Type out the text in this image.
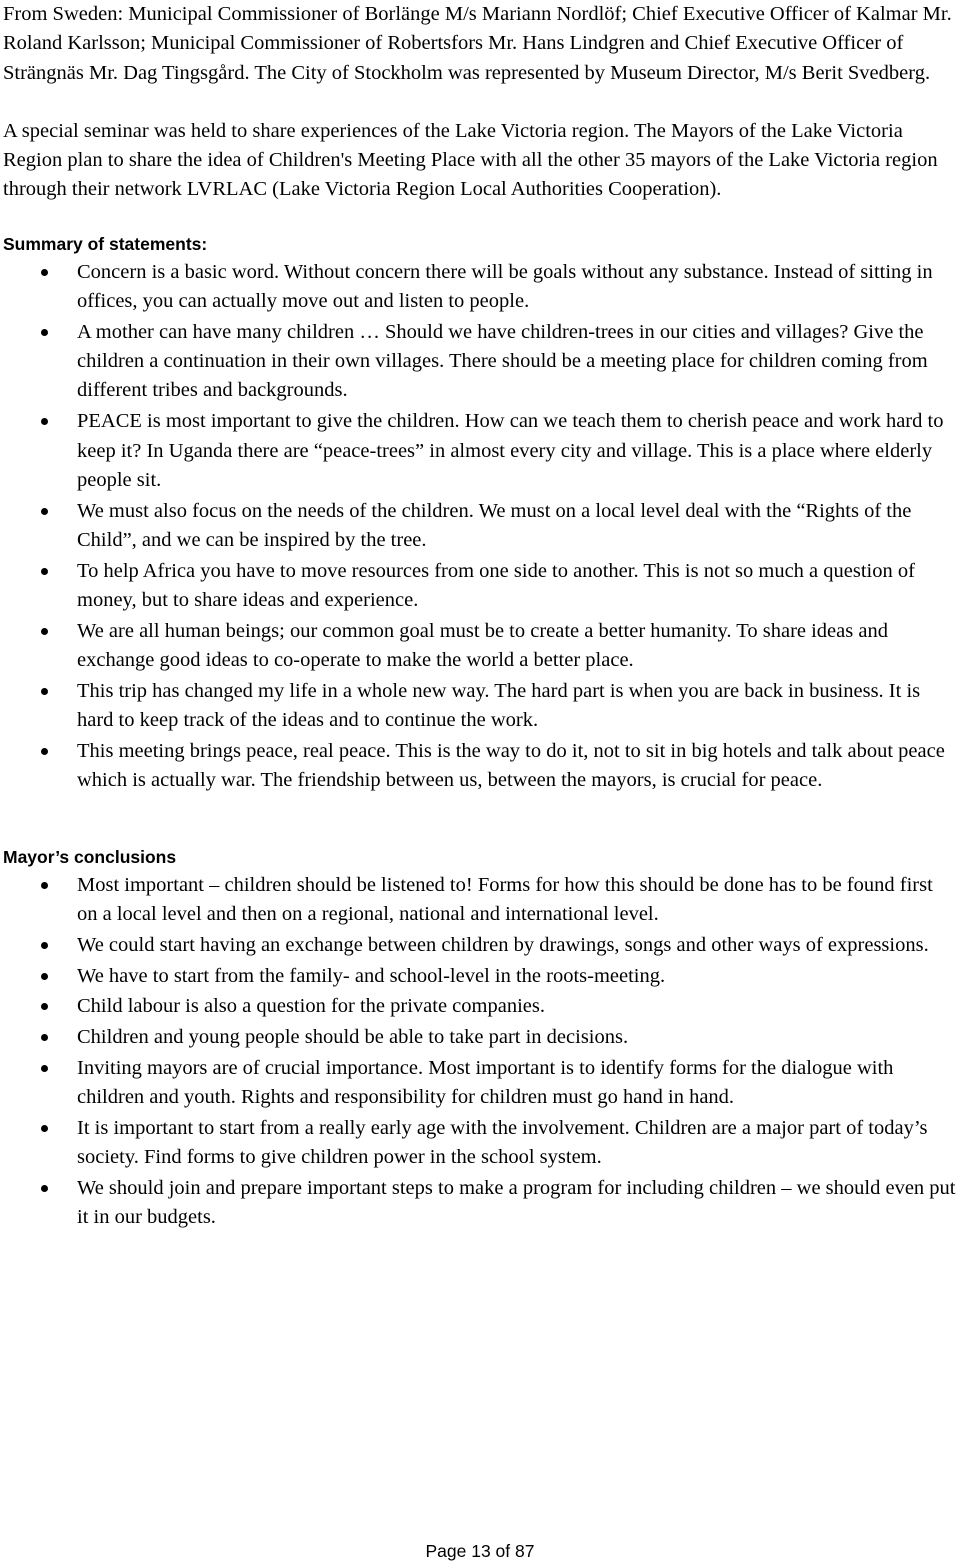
From Sweden: Municipal Commissioner of Borlänge M/s Mariann Nordlöf; Chief Executive Officer of Kalmar Mr. Roland Karlsson; Municipal Commissioner of Robertsfors Mr. Hans Lindgren and Chief Executive Officer of Strängnäs Mr. Dag Tingsgård. The City of Stockholm was represented by Museum Director, M/s Berit Svedberg.

A special seminar was held to share experiences of the Lake Victoria region. The Mayors of the Lake Victoria Region plan to share the idea of Children's Meeting Place with all the other 35 mayors of the Lake Victoria region through their network LVRLAC (Lake Victoria Region Local Authorities Cooperation).

Summary of statements:
Concern is a basic word. Without concern there will be goals without any substance. Instead of sitting in offices, you can actually move out and listen to people.
A mother can have many children … Should we have children-trees in our cities and villages? Give the children a continuation in their own villages. There should be a meeting place for children coming from different tribes and backgrounds.
PEACE is most important to give the children. How can we teach them to cherish peace and work hard to keep it? In Uganda there are “peace-trees” in almost every city and village. This is a place where elderly people sit.
We must also focus on the needs of the children. We must on a local level deal with the “Rights of the Child”, and we can be inspired by the tree.
To help Africa you have to move resources from one side to another. This is not so much a question of money, but to share ideas and experience.
We are all human beings; our common goal must be to create a better humanity. To share ideas and exchange good ideas to co-operate to make the world a better place.
This trip has changed my life in a whole new way. The hard part is when you are back in business. It is hard to keep track of the ideas and to continue the work.
This meeting brings peace, real peace. This is the way to do it, not to sit in big hotels and talk about peace which is actually war. The friendship between us, between the mayors, is crucial for peace.
Mayor’s conclusions
Most important – children should be listened to! Forms for how this should be done has to be found first on a local level and then on a regional, national and international level.
We could start having an exchange between children by drawings, songs and other ways of expressions.
We have to start from the family- and school-level in the roots-meeting.
Child labour is also a question for the private companies.
Children and young people should be able to take part in decisions.
Inviting mayors are of crucial importance. Most important is to identify forms for the dialogue with children and youth. Rights and responsibility for children must go hand in hand.
It is important to start from a really early age with the involvement. Children are a major part of today’s society. Find forms to give children power in the school system.
We should join and prepare important steps to make a program for including children – we should even put it in our budgets.
Page 13 of 87
